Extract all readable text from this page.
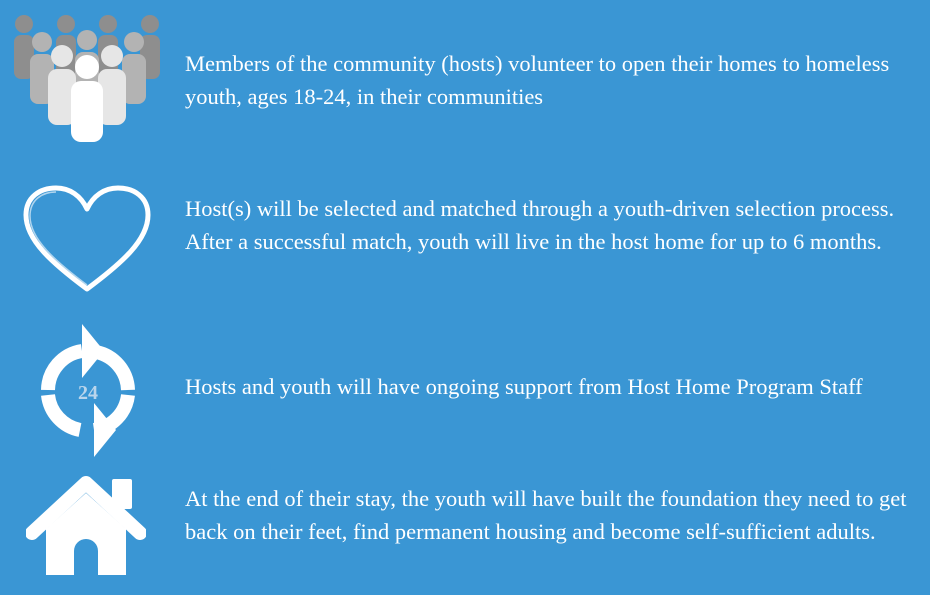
Members of the community (hosts) volunteer to open their homes to homeless youth, ages 18-24, in their communities

Host(s) will be selected and matched through a youth-driven selection process. After a successful match, youth will live in the host home for up to 6 months.

24	Hosts and youth will have ongoing support from Host Home Program Staff

At the end of their stay, the youth will have built the foundation they need to get back on their feet, find permanent housing and become self-sufficient adults.
